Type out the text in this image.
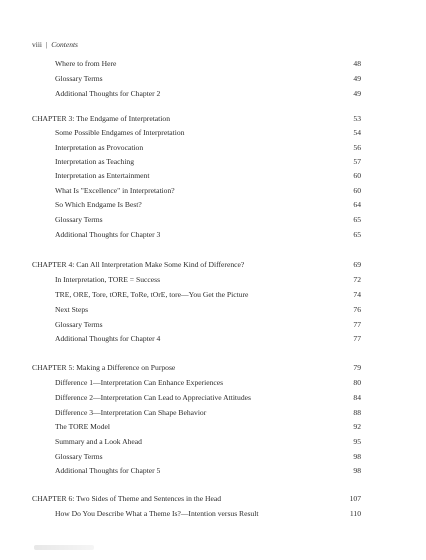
viii | Contents
Where to from Here	48
Glossary Terms	49
Additional Thoughts for Chapter 2	49
CHAPTER 3: The Endgame of Interpretation	53
Some Possible Endgames of Interpretation	54
Interpretation as Provocation	56
Interpretation as Teaching	57
Interpretation as Entertainment	60
What Is "Excellence" in Interpretation?	60
So Which Endgame Is Best?	64
Glossary Terms	65
Additional Thoughts for Chapter 3	65
CHAPTER 4: Can All Interpretation Make Some Kind of Difference?	69
In Interpretation, TORE = Success	72
TRE, ORE, Tore, tORE, ToRe, tOrE, tore—You Get the Picture	74
Next Steps	76
Glossary Terms	77
Additional Thoughts for Chapter 4	77
CHAPTER 5: Making a Difference on Purpose	79
Difference 1—Interpretation Can Enhance Experiences	80
Difference 2—Interpretation Can Lead to Appreciative Attitudes	84
Difference 3—Interpretation Can Shape Behavior	88
The TORE Model	92
Summary and a Look Ahead	95
Glossary Terms	98
Additional Thoughts for Chapter 5	98
CHAPTER 6: Two Sides of Theme and Sentences in the Head	107
How Do You Describe What a Theme Is?—Intention versus Result	110
